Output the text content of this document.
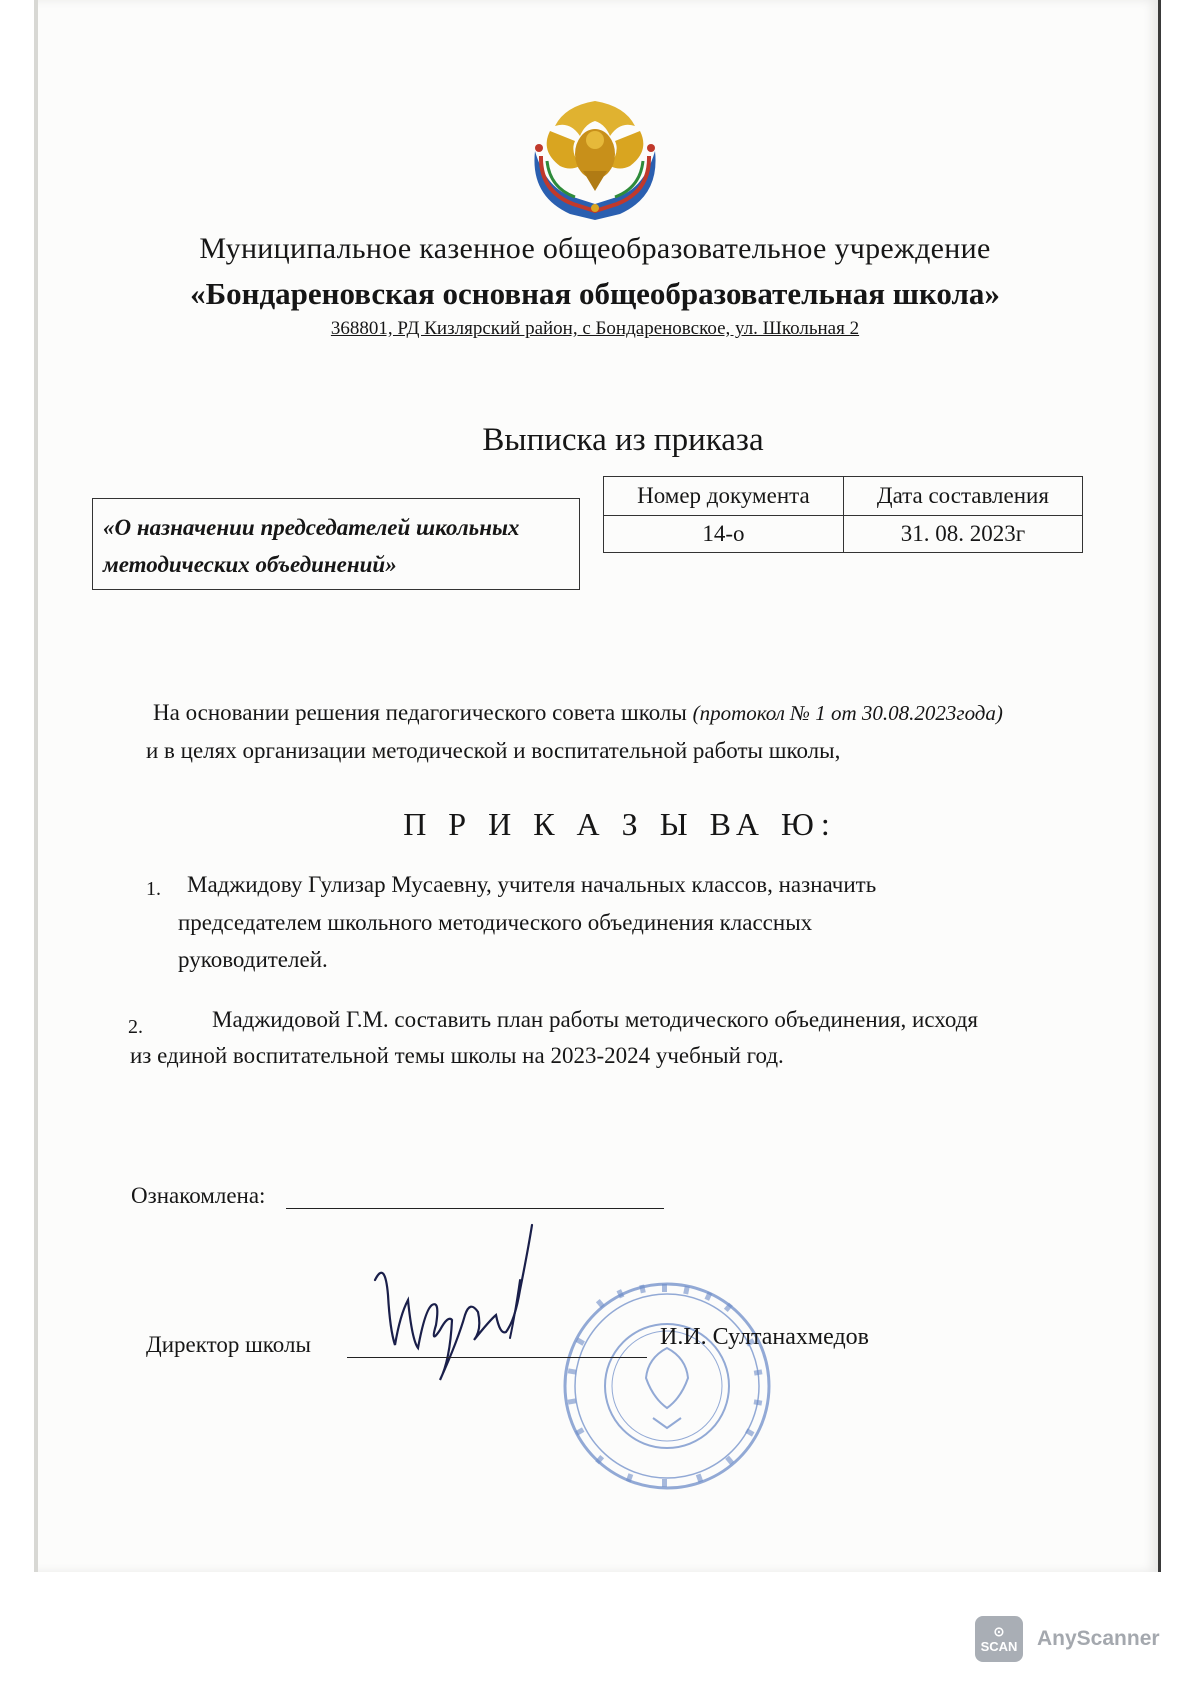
Муниципальное казенное общеобразовательное учреждение
«Бондареновская основная общеобразовательная школа»
368801, РД Кизлярский район, с Бондареновское, ул. Школьная 2
Выписка из приказа
«О назначении председателей школьных методических объединений»
Номер документа	Дата составления
14-о	31. 08. 2023г
На основании решения педагогического совета школы (протокол № 1 от 30.08.2023года)
и в целях организации методической и воспитательной работы школы,
П Р И К А З Ы ВА Ю:
1. Маджидову Гулизар Мусаевну, учителя начальных классов, назначить
председателем школьного методического объединения классных
руководителей.
2.	Маджидовой Г.М. составить план работы методического объединения, исходя
из единой воспитательной темы школы на 2023-2024 учебный год.
Ознакомлена:
Директор школы	И.И. Султанахмедов
⊙
SCAN AnyScanner
